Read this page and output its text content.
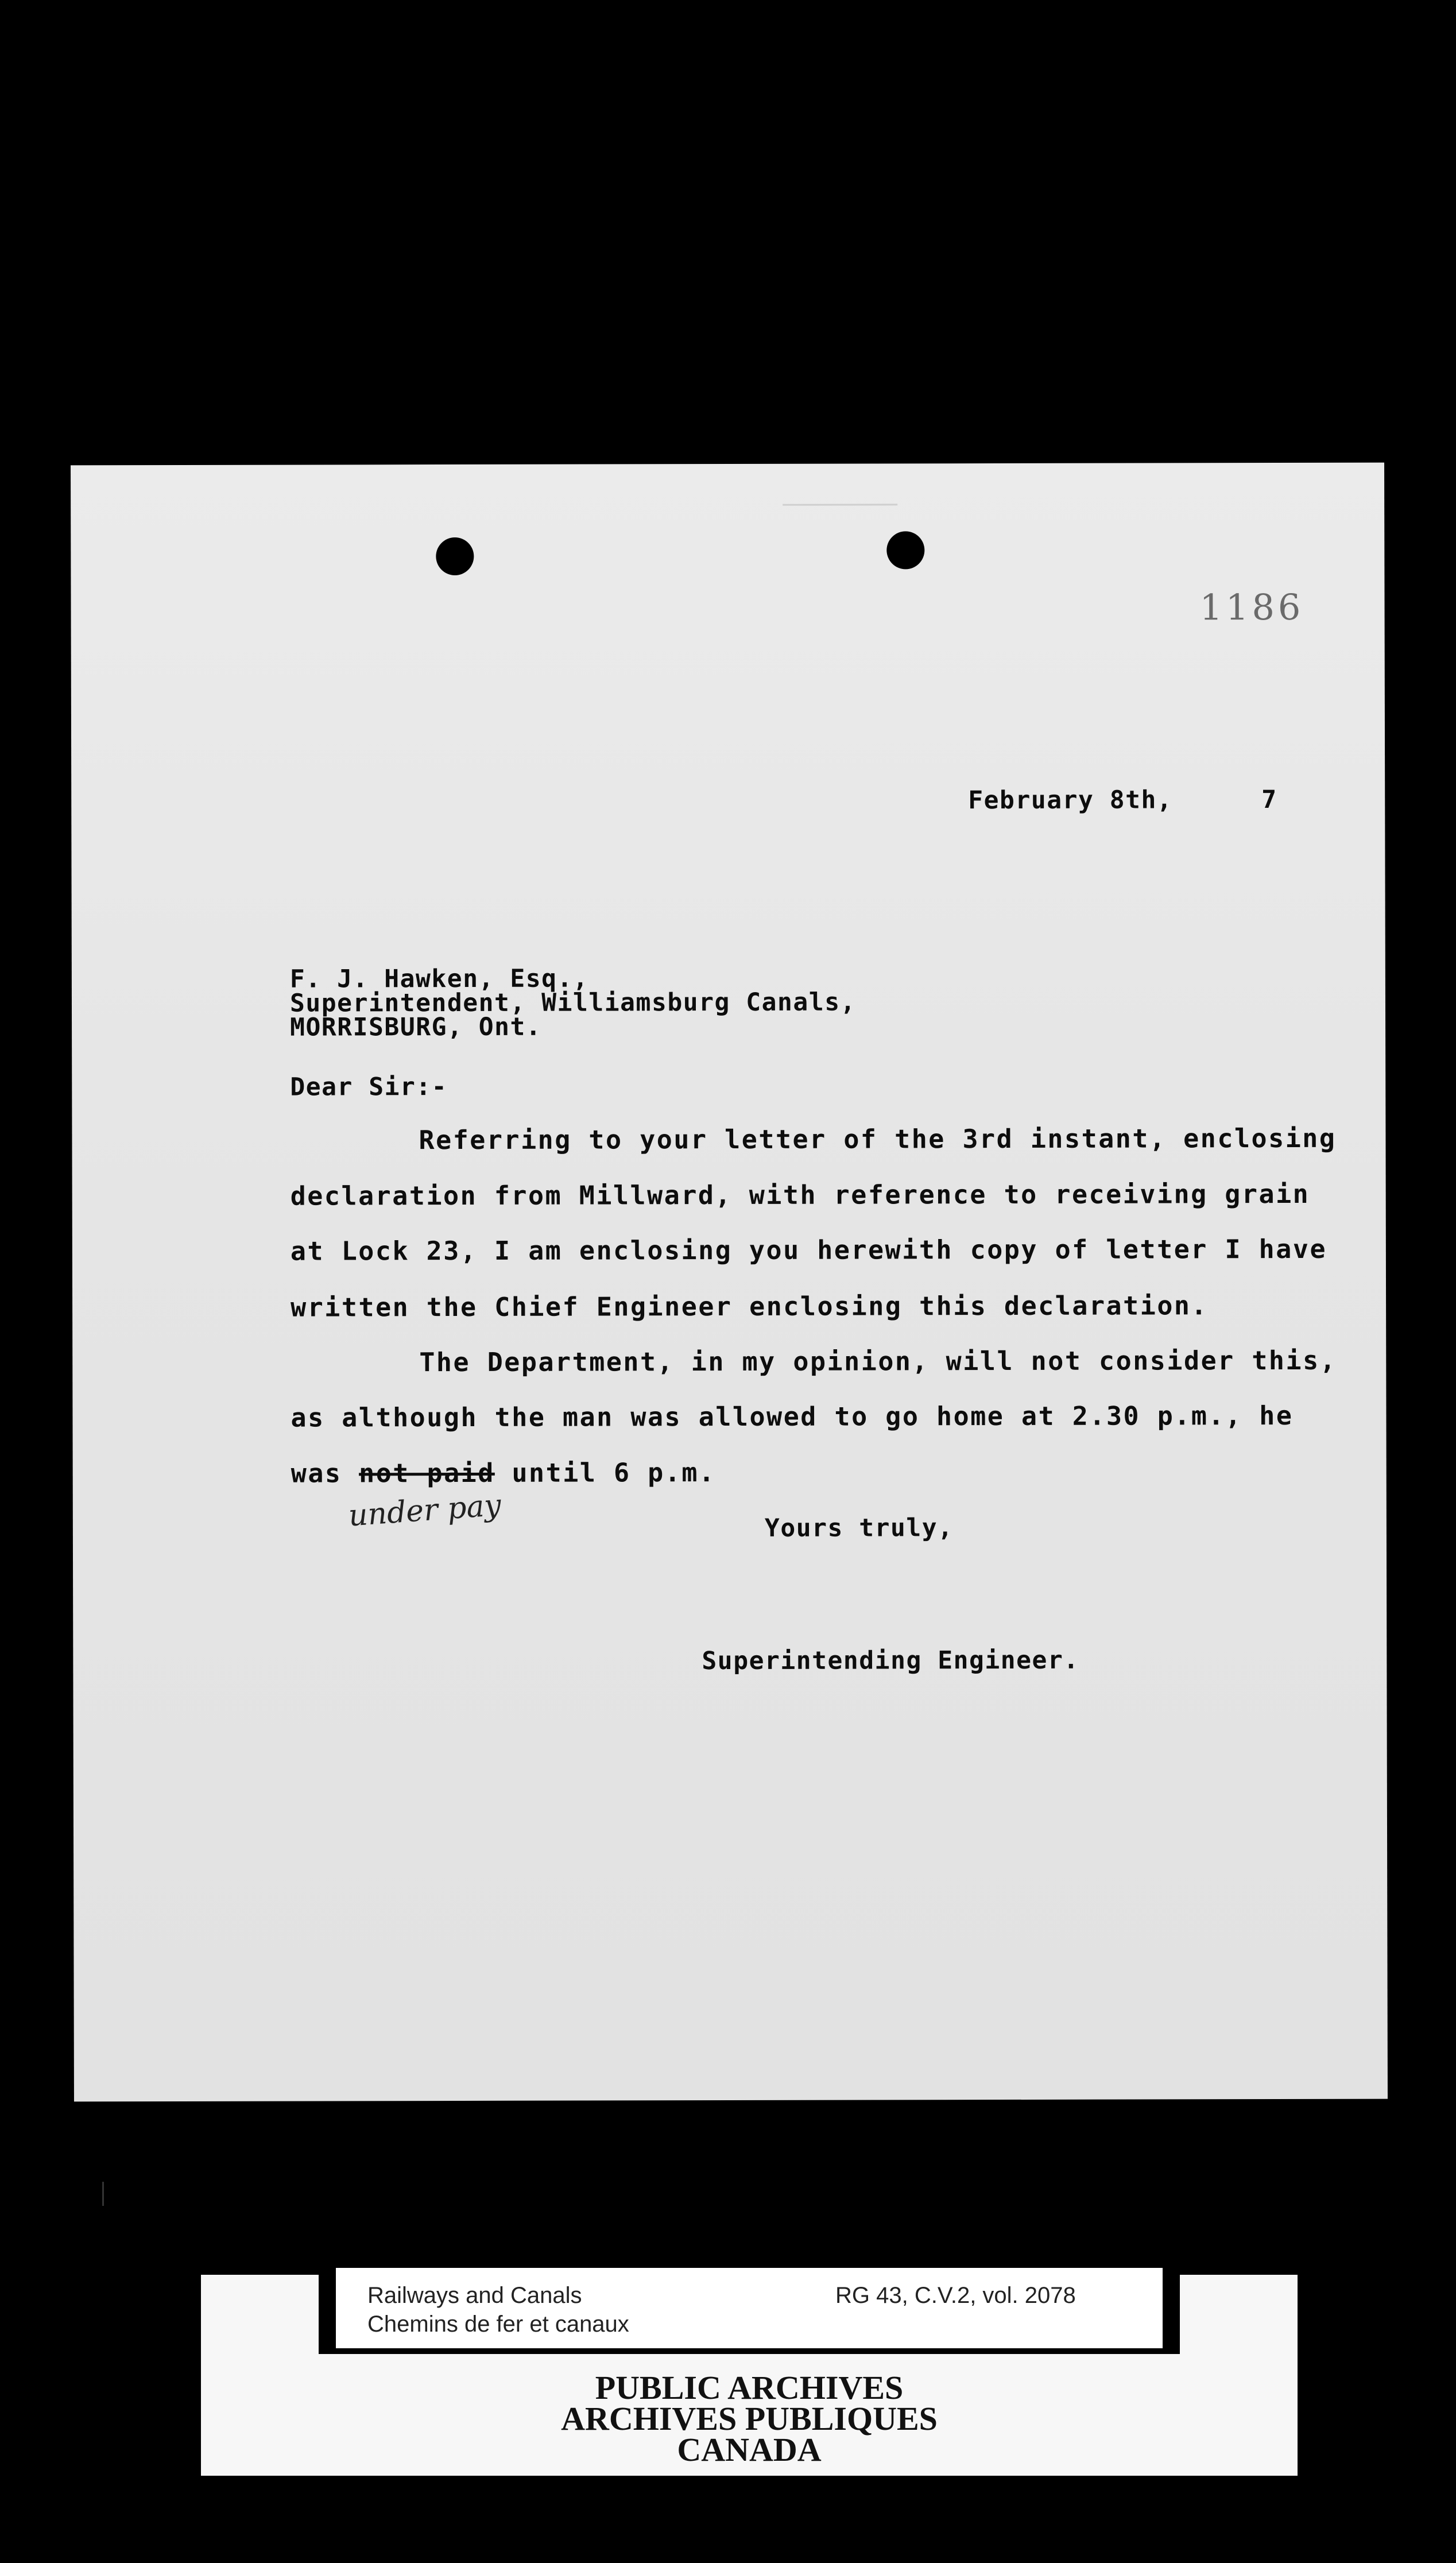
1186
February 8th,	7
F. J. Hawken, Esq.,
Superintendent, Williamsburg Canals,
MORRISBURG, Ont.
Dear Sir:-
Referring to your letter of the 3rd instant, enclosing
declaration from Millward, with reference to receiving grain
at Lock 23, I am enclosing you herewith copy of letter I have
written the Chief Engineer enclosing this declaration.
The Department, in my opinion, will not consider this,
as although the man was allowed to go home at 2.30 p.m., he
was not paid until 6 p.m.
under pay	Yours truly,
Superintending Engineer.
Railways and Canals
Chemins de fer et canaux
RG 43, C.V.2, vol. 2078
PUBLIC ARCHIVES
ARCHIVES PUBLIQUES
CANADA
